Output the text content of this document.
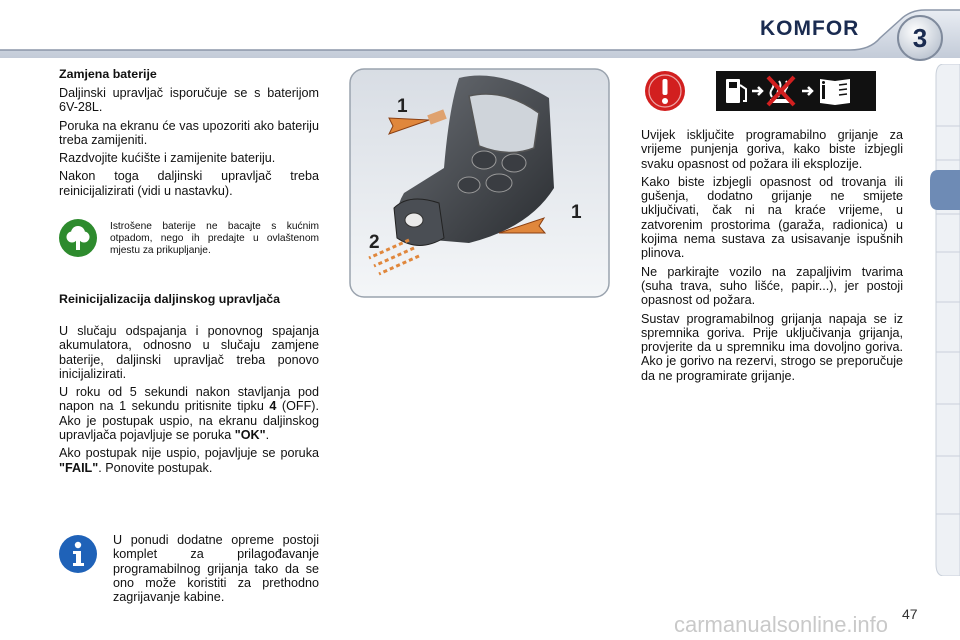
KOMFOR	3
Zamjena baterije

Daljinski upravljač isporučuje se s baterijom 6V-28L.

Poruka na ekranu će vas upozoriti ako bateriju treba zamijeniti.

Razdvojite kućište i zamijenite bateriju.

Nakon toga daljinski upravljač treba reinicijalizirati (vidi u nastavku).

Istrošene baterije ne bacajte s kućnim otpadom, nego ih predajte u ovlaštenom mjestu za prikupljanje.
Reinicijalizacija daljinskog upravljača

U slučaju odspajanja i ponovnog spajanja akumulatora, odnosno u slučaju zamjene baterije, daljinski upravljač treba ponovo inicijalizirati.

U roku od 5 sekundi nakon stavljanja pod napon na 1 sekundu pritisnite tipku 4 (OFF). Ako je postupak uspio, na ekranu daljinskog upravljača pojavljuje se poruka "OK".

Ako postupak nije uspio, pojavljuje se poruka "FAIL". Ponovite postupak.

U ponudi dodatne opreme postoji komplet za prilagođavanje programabilnog grijanja tako da se ono može koristiti za prethodno zagrijavanje kabine.
1
1
2

Uvijek isključite programabilno grijanje za vrijeme punjenja goriva, kako biste izbjegli svaku opasnost od požara ili eksplozije.

Kako biste izbjegli opasnost od trovanja ili gušenja, dodatno grijanje ne smijete uključivati, čak ni na kraće vrijeme, u zatvorenim prostorima (garaža, radionica) u kojima nema sustava za usisavanje ispušnih plinova.

Ne parkirajte vozilo na zapaljivim tvarima (suha trava, suho lišće, papir...), jer postoji opasnost od požara.

Sustav programabilnog grijanja napaja se iz spremnika goriva. Prije uključivanja grijanja, provjerite da u spremniku ima dovoljno goriva. Ako je gorivo na rezervi, strogo se preporučuje da ne programirate grijanje.

carmanualsonline.info 47
